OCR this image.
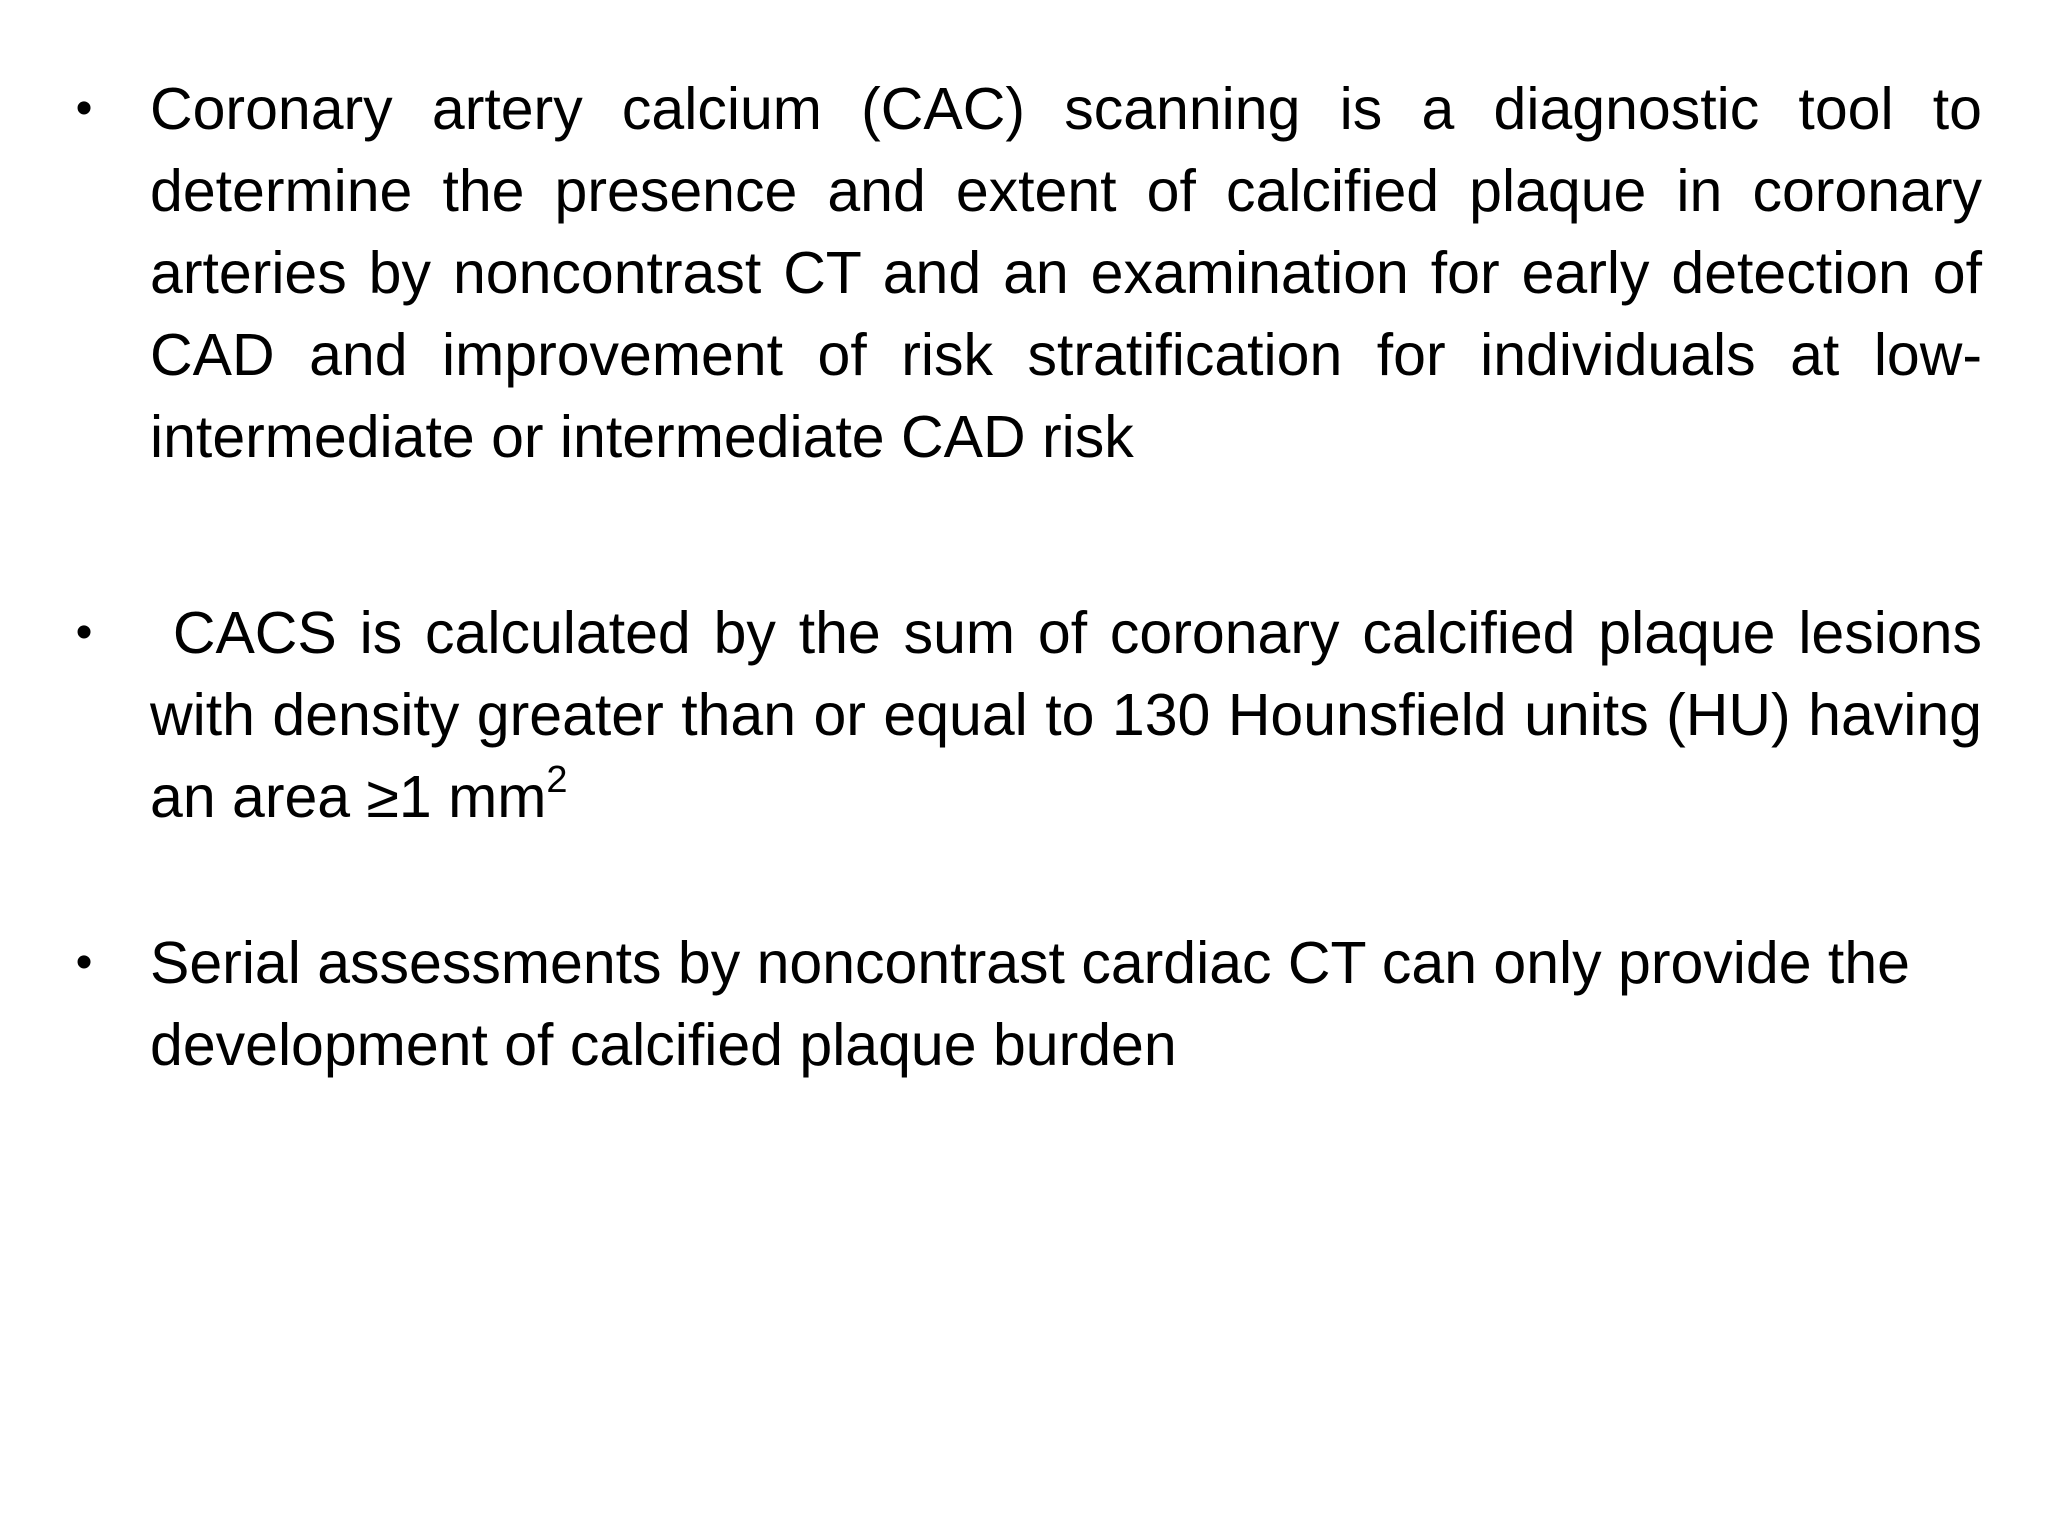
• Coronary artery calcium (CAC) scanning is a diagnostic tool to determine the presence and extent of calcified plaque in coronary arteries by noncontrast CT and an examination for early detection of CAD and improvement of risk stratification for individuals at low-intermediate or intermediate CAD risk
• CACS is calculated by the sum of coronary calcified plaque lesions with density greater than or equal to 130 Hounsfield units (HU) having an area ≥1 $mm^2$
• Serial assessments by noncontrast cardiac CT can only provide the development of calcified plaque burden
